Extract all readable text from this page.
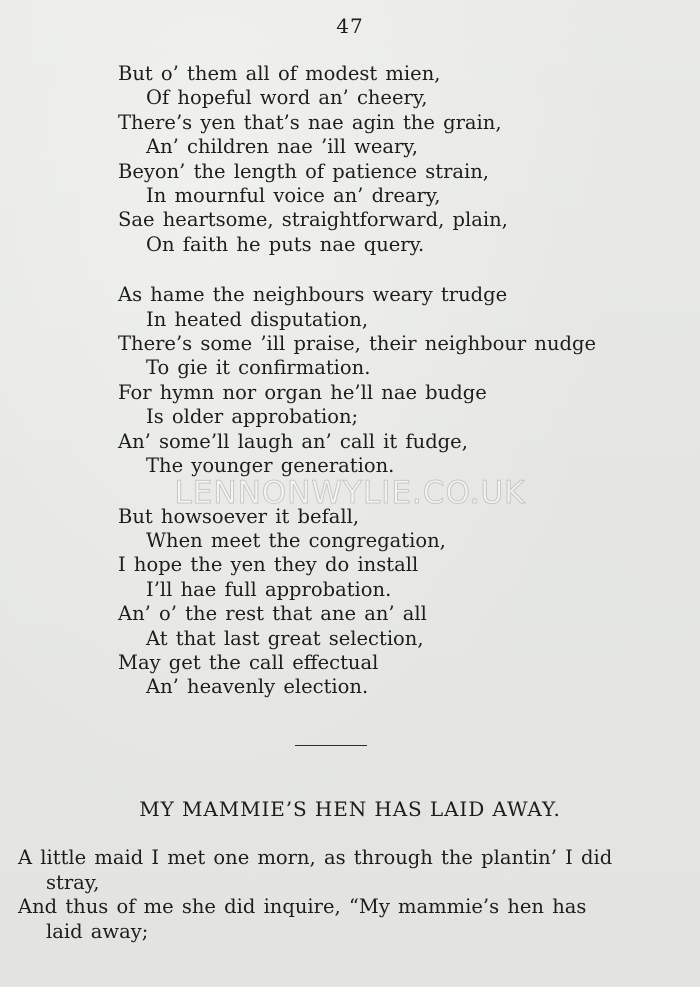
47
But o’ them all of modest mien,
Of hopeful word an’ cheery,
There’s yen that’s nae agin the grain,
An’ children nae ’ill weary,
Beyon’ the length of patience strain,
In mournful voice an’ dreary,
Sae heartsome, straightforward, plain,
On faith he puts nae query.
As hame the neighbours weary trudge
In heated disputation,
There’s some ’ill praise, their neighbour nudge
To gie it confirmation.
For hymn nor organ he’ll nae budge
Is older approbation;
An’ some’ll laugh an’ call it fudge,
The younger generation.
But howsoever it befall,
When meet the congregation,
I hope the yen they do install
I’ll hae full approbation.
An’ o’ the rest that ane an’ all
At that last great selection,
May get the call effectual
An’ heavenly election.
LENNONWYLIE.CO.UK
MY MAMMIE’S HEN HAS LAID AWAY.
A little maid I met one morn, as through the plantin’ I did
stray,
And thus of me she did inquire, “My mammie’s hen has
laid away;
